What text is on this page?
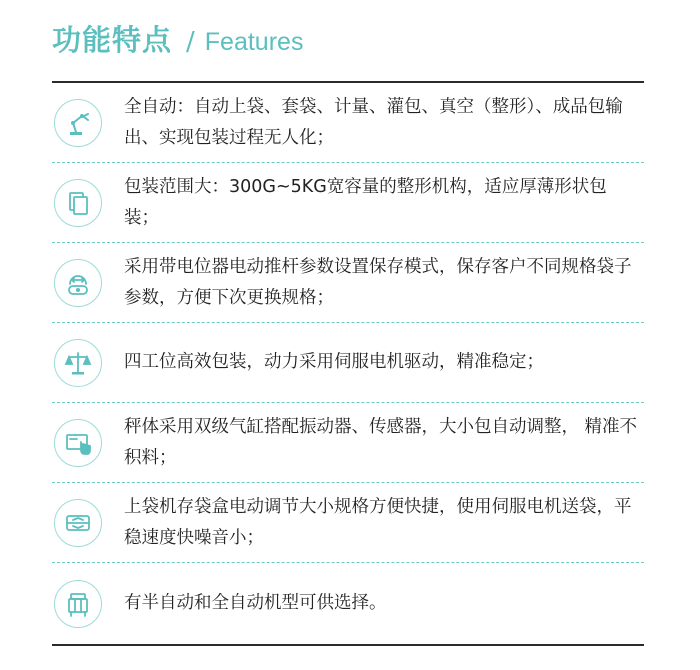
功能特点 / Features
全自动：自动上袋、套袋、计量、灌包、真空（整形）、成品包输出、实现包装过程无人化；
包装范围大：300G~5KG宽容量的整形机构，适应厚薄形状包装；
采用带电位器电动推杆参数设置保存模式，保存客户不同规格袋子参数，方便下次更换规格；
四工位高效包装，动力采用伺服电机驱动，精准稳定；
秤体采用双级气缸搭配振动器、传感器，大小包自动调整， 精准不积料；
上袋机存袋盒电动调节大小规格方便快捷，使用伺服电机送袋，平稳速度快噪音小；
有半自动和全自动机型可供选择。
